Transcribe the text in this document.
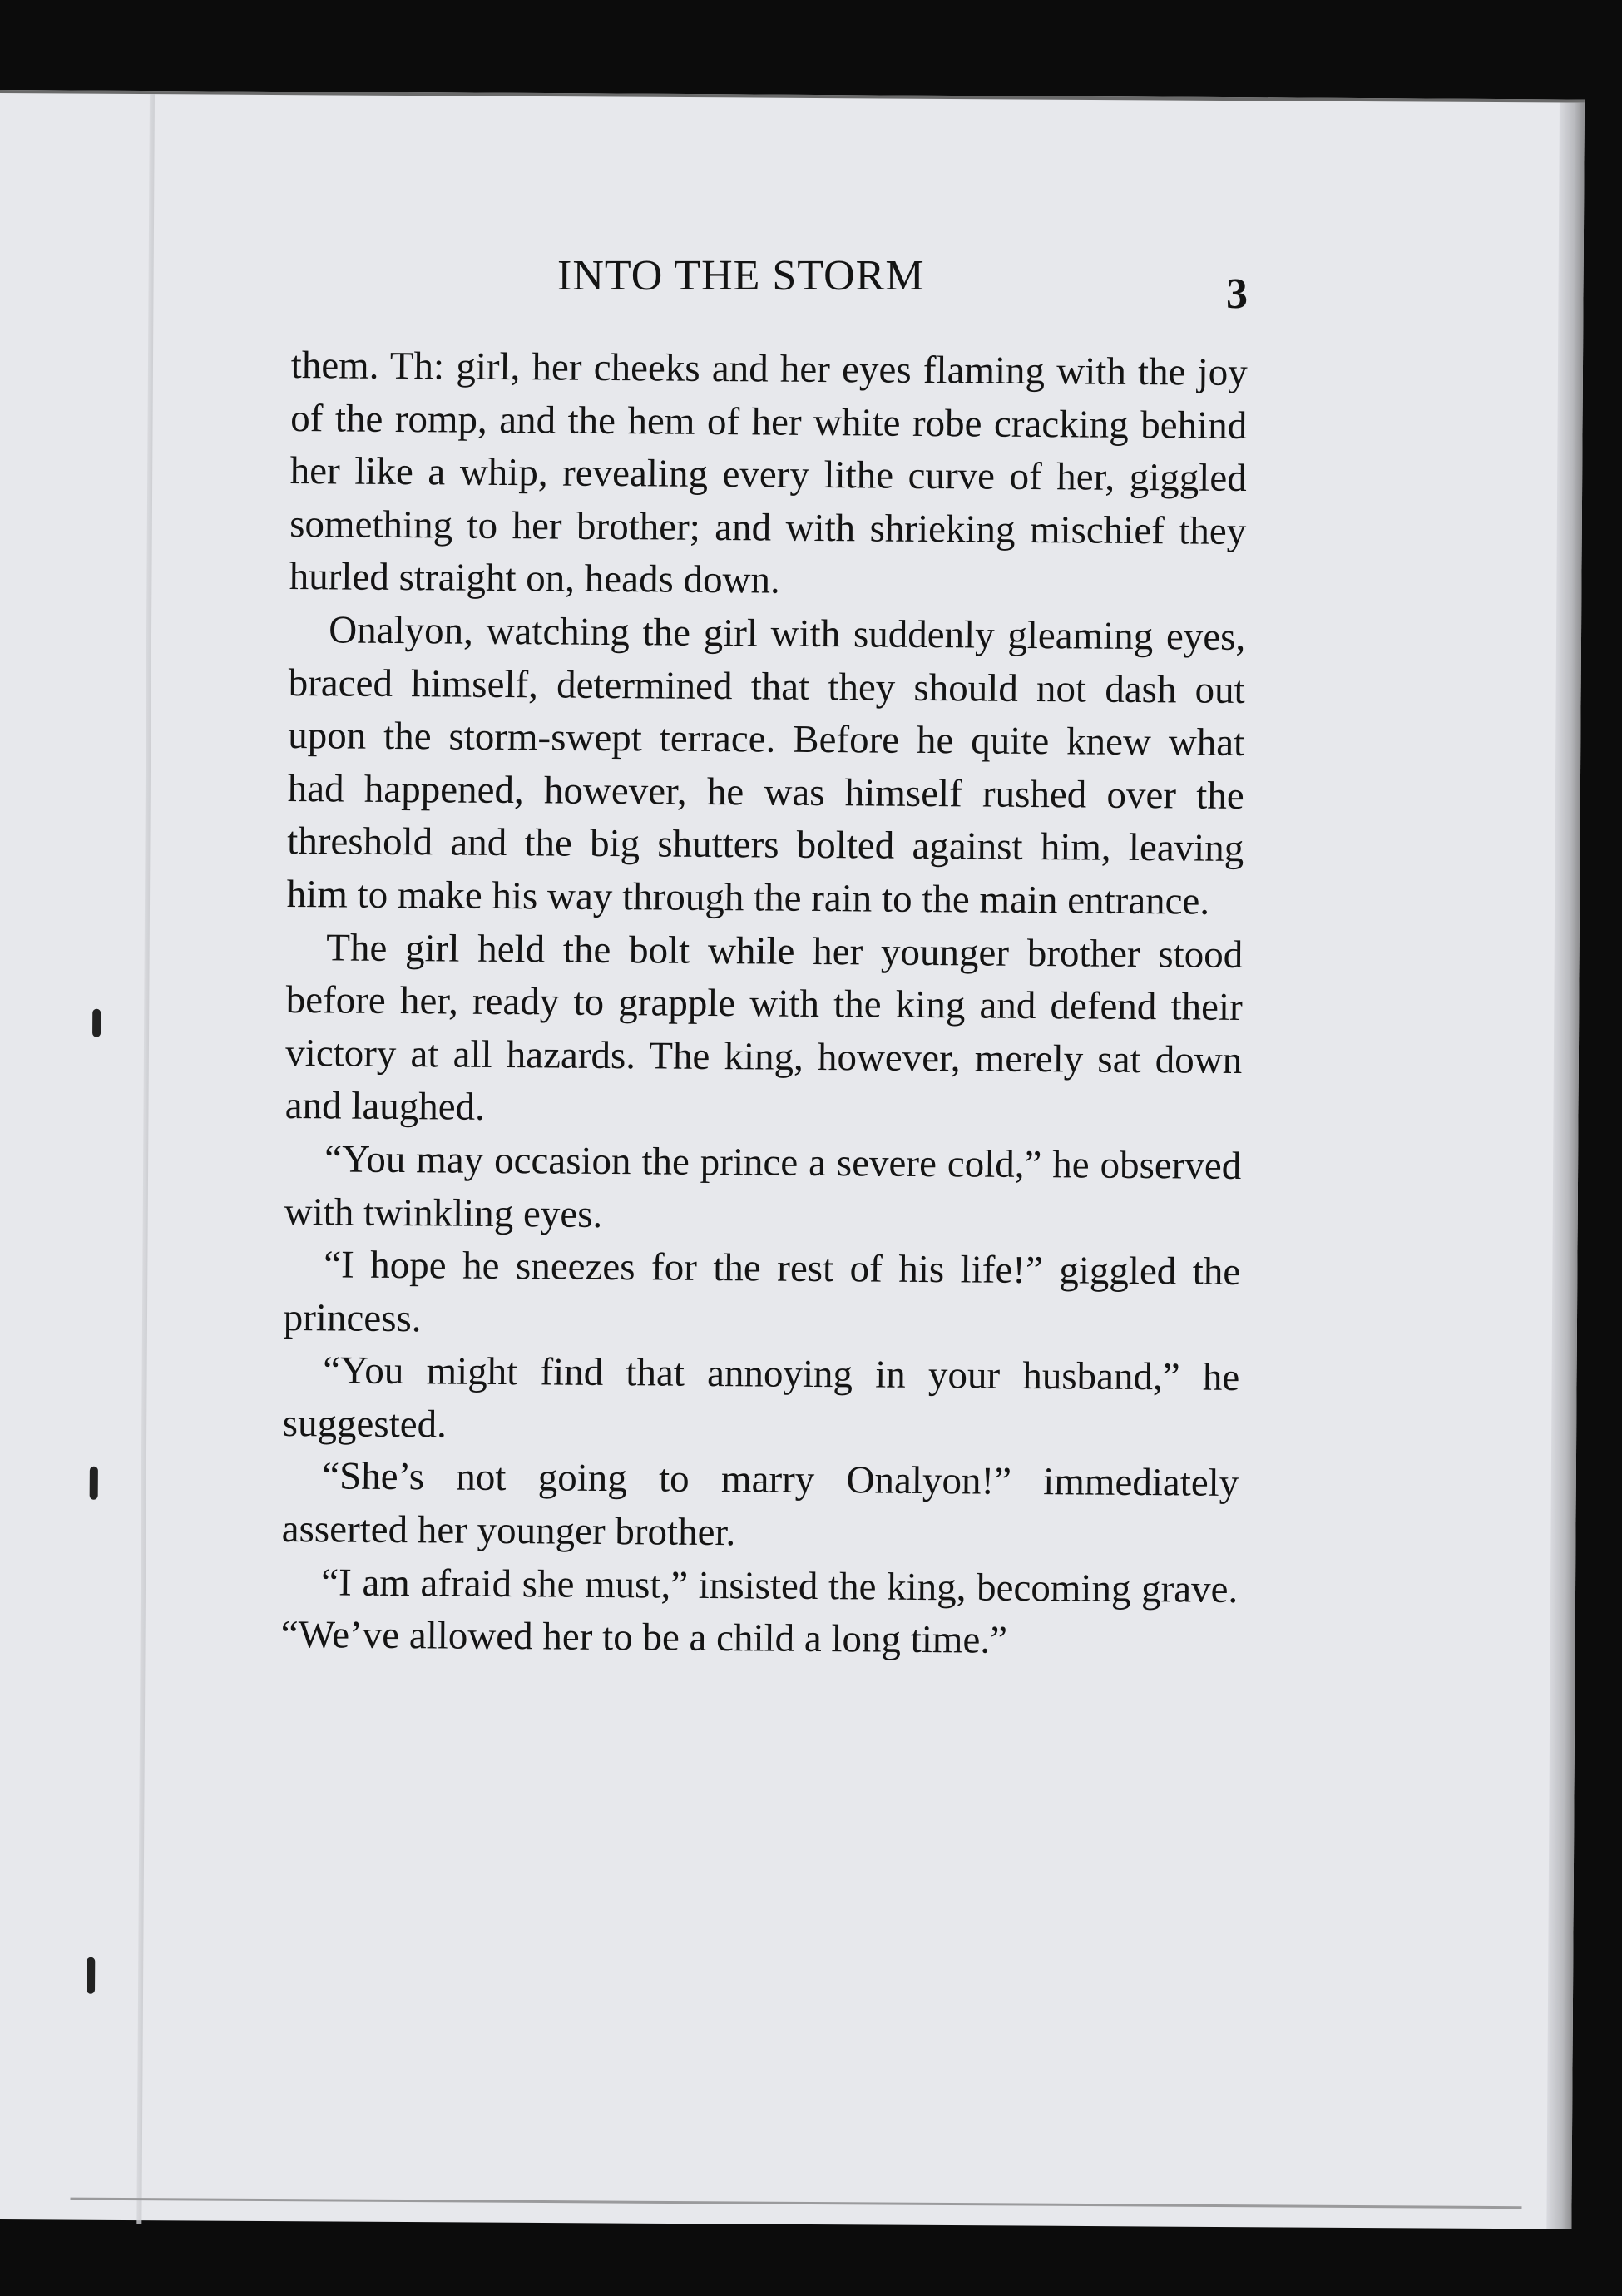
INTO THE STORM	3

them. Th: girl, her cheeks and her eyes flaming with the joy of the romp, and the hem of her white robe cracking behind her like a whip, revealing every lithe curve of her, giggled something to her brother; and with shrieking mischief they hurled straight on, heads down.

Onalyon, watching the girl with suddenly gleaming eyes, braced himself, determined that they should not dash out upon the storm-swept terrace. Before he quite knew what had happened, however, he was himself rushed over the threshold and the big shutters bolted against him, leaving him to make his way through the rain to the main entrance.

The girl held the bolt while her younger brother stood before her, ready to grapple with the king and defend their victory at all hazards. The king, however, merely sat down and laughed.

“You may occasion the prince a severe cold,” he observed with twinkling eyes.

“I hope he sneezes for the rest of his life!” giggled the princess.

“You might find that annoying in your husband,” he suggested.

“She’s not going to marry Onalyon!” immediately asserted her younger brother.

“I am afraid she must,” insisted the king, becoming grave. “We’ve allowed her to be a child a long time.”
